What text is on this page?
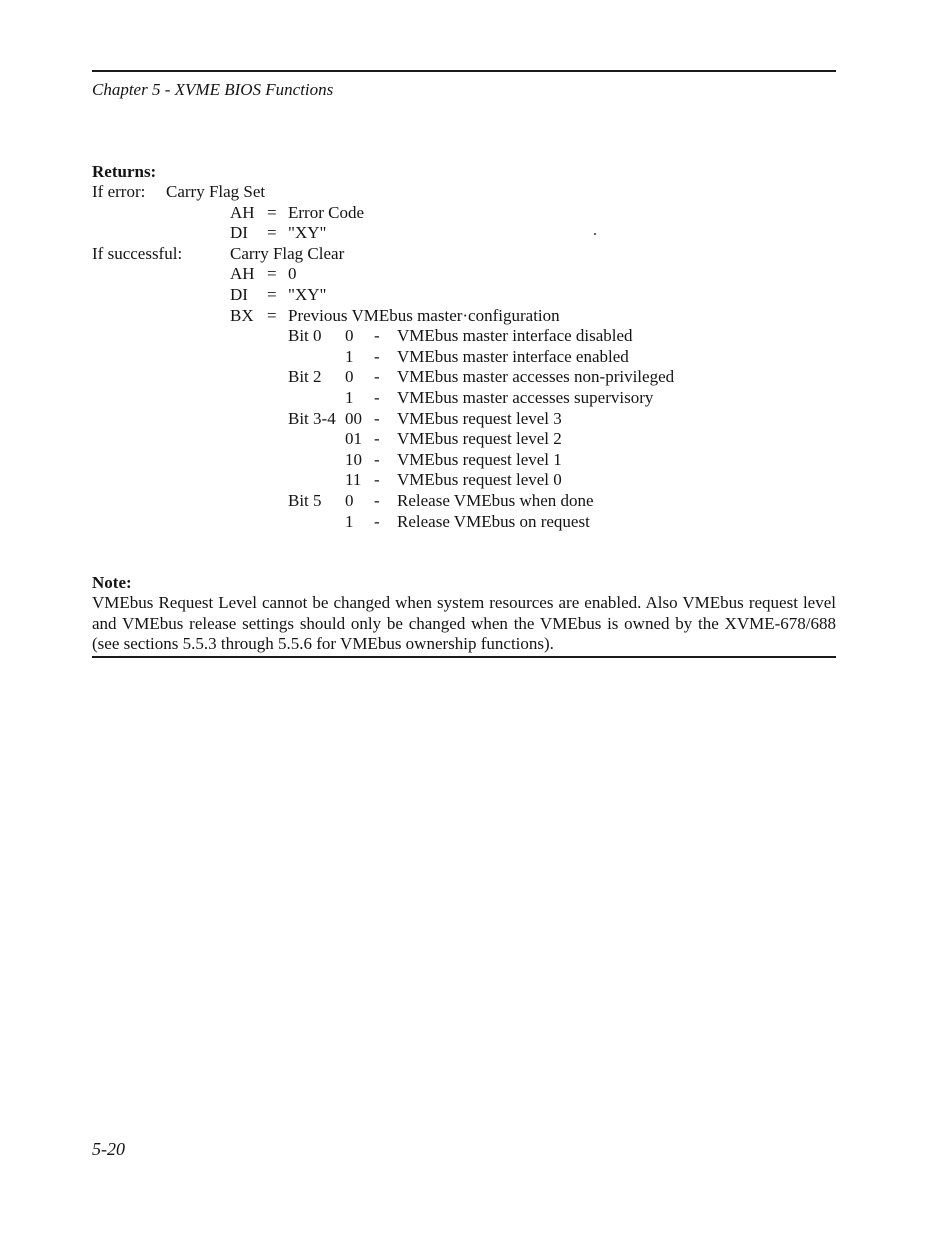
Chapter 5 - XVME BIOS Functions
Returns:
If error: Carry Flag Set
AH = Error Code
DI = "XY"
If successful:	Carry Flag Clear
AH = 0
DI = "XY"
BX = Previous VMEbus master·configuration
Bit 0 0 - VMEbus master interface disabled
1 - VMEbus master interface enabled
Bit 2 0 - VMEbus master accesses non-privileged
1 - VMEbus master accesses supervisory
Bit 3-4 00 - VMEbus request level 3
01 - VMEbus request level 2
10 - VMEbus request level 1
11 - VMEbus request level 0
Bit 5 0 - Release VMEbus when done
1 - Release VMEbus on request
Note:
VMEbus Request Level cannot be changed when system resources are enabled. Also VMEbus request level and VMEbus release settings should only be changed when the VMEbus is owned by the XVME-678/688 (see sections 5.5.3 through 5.5.6 for VMEbus ownership functions).
5-20
